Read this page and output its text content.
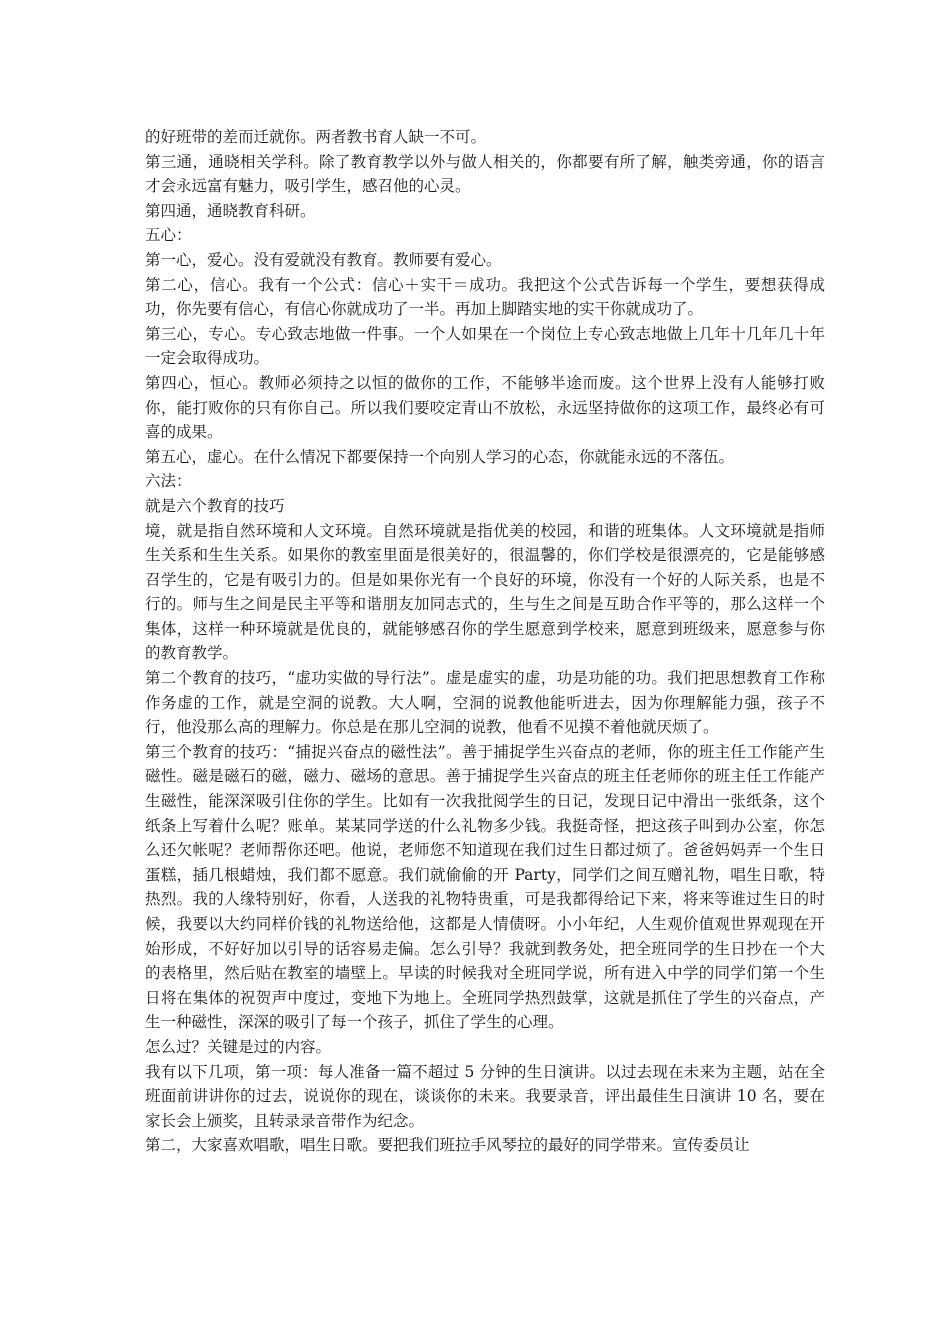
的好班带的差而迁就你。两者教书育人缺一不可。

第三通，通晓相关学科。除了教育教学以外与做人相关的，你都要有所了解，触类旁通，你的语言才会永远富有魅力，吸引学生，感召他的心灵。

第四通，通晓教育科研。

五心：

第一心，爱心。没有爱就没有教育。教师要有爱心。

第二心，信心。我有一个公式：信心＋实干＝成功。我把这个公式告诉每一个学生，要想获得成功，你先要有信心，有信心你就成功了一半。再加上脚踏实地的实干你就成功了。

第三心，专心。专心致志地做一件事。一个人如果在一个岗位上专心致志地做上几年十几年几十年一定会取得成功。

第四心，恒心。教师必须持之以恒的做你的工作，不能够半途而废。这个世界上没有人能够打败你，能打败你的只有你自己。所以我们要咬定青山不放松，永远坚持做你的这项工作，最终必有可喜的成果。

第五心，虚心。在什么情况下都要保持一个向别人学习的心态，你就能永远的不落伍。

六法：

就是六个教育的技巧

境，就是指自然环境和人文环境。自然环境就是指优美的校园，和谐的班集体。人文环境就是指师生关系和生生关系。如果你的教室里面是很美好的，很温馨的，你们学校是很漂亮的，它是能够感召学生的，它是有吸引力的。但是如果你光有一个良好的环境，你没有一个好的人际关系，也是不行的。师与生之间是民主平等和谐朋友加同志式的，生与生之间是互助合作平等的，那么这样一个集体，这样一种环境就是优良的，就能够感召你的学生愿意到学校来，愿意到班级来，愿意参与你的教育教学。

第二个教育的技巧，“虚功实做的导行法”。虚是虚实的虚，功是功能的功。我们把思想教育工作称作务虚的工作，就是空洞的说教。大人啊，空洞的说教他能听进去，因为你理解能力强，孩子不行，他没那么高的理解力。你总是在那儿空洞的说教，他看不见摸不着他就厌烦了。

第三个教育的技巧：“捕捉兴奋点的磁性法”。善于捕捉学生兴奋点的老师，你的班主任工作能产生磁性。磁是磁石的磁，磁力、磁场的意思。善于捕捉学生兴奋点的班主任老师你的班主任工作能产生磁性，能深深吸引住你的学生。比如有一次我批阅学生的日记，发现日记中滑出一张纸条，这个纸条上写着什么呢？账单。某某同学送的什么礼物多少钱。我挺奇怪，把这孩子叫到办公室，你怎么还欠帐呢？老师帮你还吧。他说，老师您不知道现在我们过生日都过烦了。爸爸妈妈弄一个生日蛋糕，插几根蜡烛，我们都不愿意。我们就偷偷的开 Party，同学们之间互赠礼物，唱生日歌，特热烈。我的人缘特别好，你看，人送我的礼物特贵重，可是我都得给记下来，将来等谁过生日的时候，我要以大约同样价钱的礼物送给他，这都是人情债呀。小小年纪，人生观价值观世界观现在开始形成，不好好加以引导的话容易走偏。怎么引导？我就到教务处，把全班同学的生日抄在一个大的表格里，然后贴在教室的墙壁上。早读的时候我对全班同学说，所有进入中学的同学们第一个生日将在集体的祝贺声中度过，变地下为地上。全班同学热烈鼓掌，这就是抓住了学生的兴奋点，产生一种磁性，深深的吸引了每一个孩子，抓住了学生的心理。

怎么过？关键是过的内容。

我有以下几项，第一项：每人准备一篇不超过 5 分钟的生日演讲。以过去现在未来为主题，站在全班面前讲讲你的过去，说说你的现在，谈谈你的未来。我要录音，评出最佳生日演讲 10 名，要在家长会上颁奖，且转录录音带作为纪念。

第二，大家喜欢唱歌，唱生日歌。要把我们班拉手风琴拉的最好的同学带来。宣传委员让
